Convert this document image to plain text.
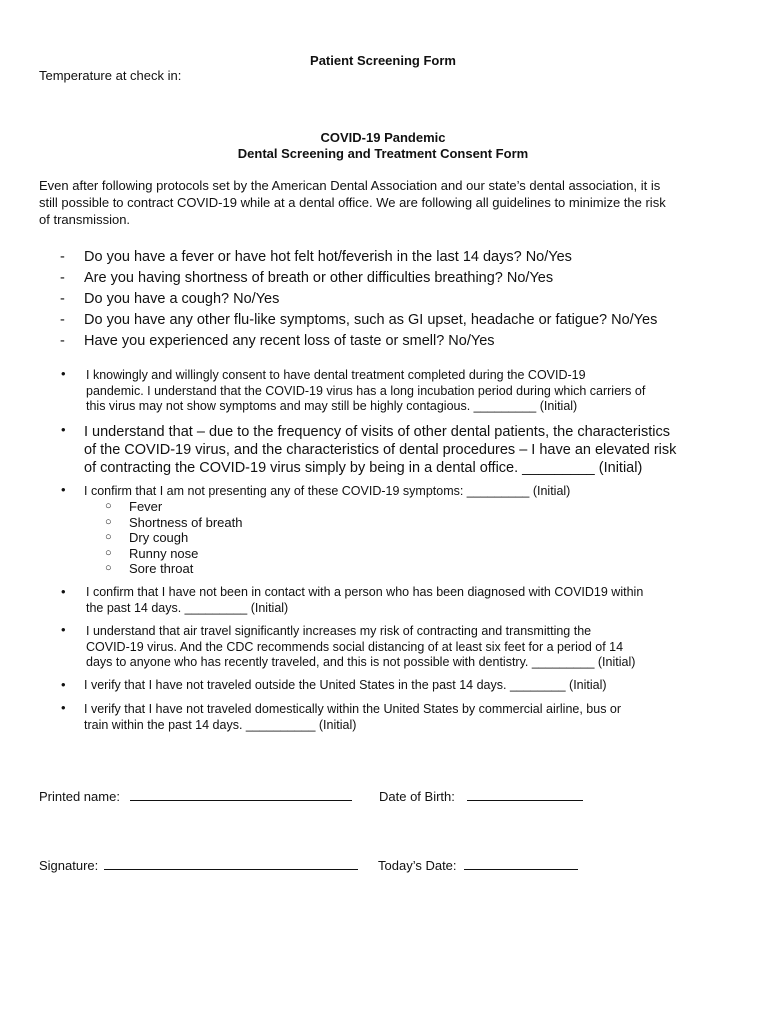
Patient Screening Form
Temperature at check in:
COVID-19 Pandemic
Dental Screening and Treatment Consent Form
Even after following protocols set by the American Dental Association and our state’s dental association, it is
still possible to contract COVID-19 while at a dental office. We are following all guidelines to minimize the risk
of transmission.
- Do you have a fever or have hot felt hot/feverish in the last 14 days? No/Yes
- Are you having shortness of breath or other difficulties breathing? No/Yes
- Do you have a cough? No/Yes
- Do you have any other flu-like symptoms, such as GI upset, headache or fatigue? No/Yes
- Have you experienced any recent loss of taste or smell? No/Yes
• I knowingly and willingly consent to have dental treatment completed during the COVID-19
pandemic. I understand that the COVID-19 virus has a long incubation period during which carriers of
this virus may not show symptoms and may still be highly contagious. _________ (Initial)
• I understand that – due to the frequency of visits of other dental patients, the characteristics
of the COVID-19 virus, and the characteristics of dental procedures – I have an elevated risk
of contracting the COVID-19 virus simply by being in a dental office. _________ (Initial)
• I confirm that I am not presenting any of these COVID-19 symptoms: _________ (Initial)
○ Fever
○ Shortness of breath
○ Dry cough
○ Runny nose
○ Sore throat
• I confirm that I have not been in contact with a person who has been diagnosed with COVID19 within
the past 14 days. _________ (Initial)
• I understand that air travel significantly increases my risk of contracting and transmitting the
COVID-19 virus. And the CDC recommends social distancing of at least six feet for a period of 14
days to anyone who has recently traveled, and this is not possible with dentistry. _________ (Initial)
• I verify that I have not traveled outside the United States in the past 14 days. ________ (Initial)
• I verify that I have not traveled domestically within the United States by commercial airline, bus or
train within the past 14 days. __________ (Initial)
Printed name:	Date of Birth:
Signature:	Today’s Date:
